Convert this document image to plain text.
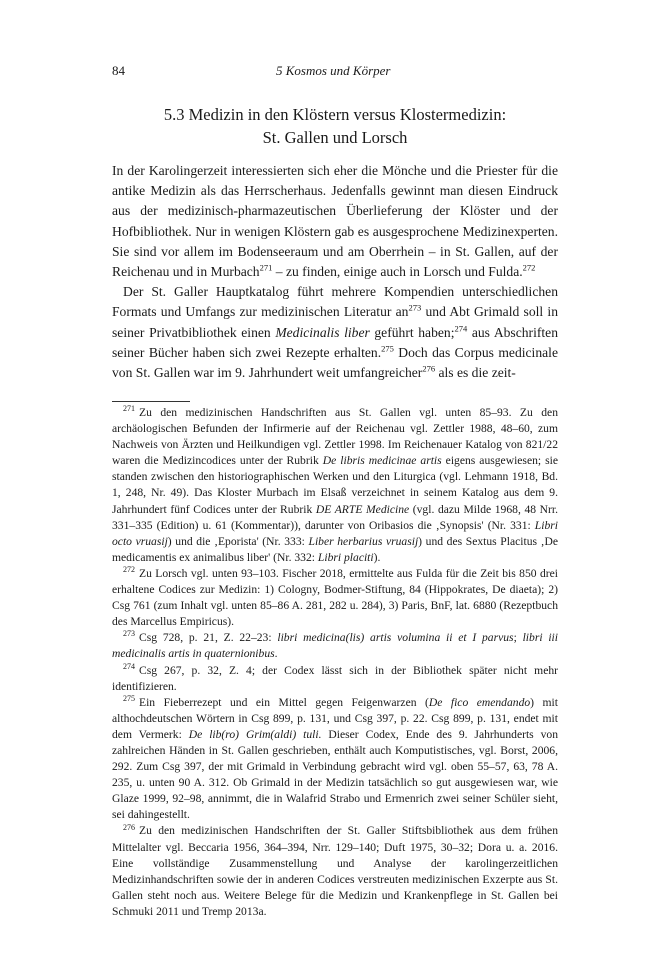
84	5 Kosmos und Körper
5.3 Medizin in den Klöstern versus Klostermedizin:
St. Gallen und Lorsch

In der Karolingerzeit interessierten sich eher die Mönche und die Priester für die antike Medizin als das Herrscherhaus. Jedenfalls gewinnt man diesen Eindruck aus der medizinisch-pharmazeutischen Überlieferung der Klöster und der Hofbibliothek. Nur in wenigen Klöstern gab es ausgesprochene Medizinexperten. Sie sind vor allem im Bodenseeraum und am Oberrhein – in St. Gallen, auf der Reichenau und in Murbach$^{271}$ – zu finden, einige auch in Lorsch und Fulda.$^{272}$

Der St. Galler Hauptkatalog führt mehrere Kompendien unterschiedlichen Formats und Umfangs zur medizinischen Literatur an$^{273}$ und Abt Grimald soll in seiner Privatbibliothek einen Medicinalis liber geführt haben;$^{274}$ aus Abschriften seiner Bücher haben sich zwei Rezepte erhalten.$^{275}$ Doch das Corpus medicinale von St. Gallen war im 9. Jahrhundert weit umfangreicher$^{276}$ als es die zeit-

$^{271}$ Zu den medizinischen Handschriften aus St. Gallen vgl. unten 85–93. Zu den archäologischen Befunden der Infirmerie auf der Reichenau vgl. Zettler 1988, 48–60, zum Nachweis von Ärzten und Heilkundigen vgl. Zettler 1998. Im Reichenauer Katalog von 821/22 waren die Medizincodices unter der Rubrik De libris medicinae artis eigens ausgewiesen; sie standen zwischen den historiographischen Werken und den Liturgica (vgl. Lehmann 1918, Bd. 1, 248, Nr. 49). Das Kloster Murbach im Elsaß verzeichnet in seinem Katalog aus dem 9. Jahrhundert fünf Codices unter der Rubrik DE ARTE Medicine (vgl. dazu Milde 1968, 48 Nrr. 331–335 (Edition) u. 61 (Kommentar)), darunter von Oribasios die ‚Synopsis' (Nr. 331: Libri octo vruasij) und die ‚Eporista' (Nr. 333: Liber herbarius vruasij) und des Sextus Placitus ‚De medicamentis ex animalibus liber' (Nr. 332: Libri placiti).

$^{272}$ Zu Lorsch vgl. unten 93–103. Fischer 2018, ermittelte aus Fulda für die Zeit bis 850 drei erhaltene Codices zur Medizin: 1) Cologny, Bodmer-Stiftung, 84 (Hippokrates, De diaeta); 2) Csg 761 (zum Inhalt vgl. unten 85–86 A. 281, 282 u. 284), 3) Paris, BnF, lat. 6880 (Rezeptbuch des Marcellus Empiricus).

$^{273}$ Csg 728, p. 21, Z. 22–23: libri medicina(lis) artis volumina ii et I parvus; libri iii medicinalis artis in quaternionibus.

$^{274}$ Csg 267, p. 32, Z. 4; der Codex lässt sich in der Bibliothek später nicht mehr identifizieren.

$^{275}$ Ein Fieberrezept und ein Mittel gegen Feigenwarzen (De fico emendando) mit althochdeutschen Wörtern in Csg 899, p. 131, und Csg 397, p. 22. Csg 899, p. 131, endet mit dem Vermerk: De lib(ro) Grim(aldi) tuli. Dieser Codex, Ende des 9. Jahrhunderts von zahlreichen Händen in St. Gallen geschrieben, enthält auch Komputistisches, vgl. Borst, 2006, 292. Zum Csg 397, der mit Grimald in Verbindung gebracht wird vgl. oben 55–57, 63, 78 A. 235, u. unten 90 A. 312. Ob Grimald in der Medizin tatsächlich so gut ausgewiesen war, wie Glaze 1999, 92–98, annimmt, die in Walafrid Strabo und Ermenrich zwei seiner Schüler sieht, sei dahingestellt.

$^{276}$ Zu den medizinischen Handschriften der St. Galler Stiftsbibliothek aus dem frühen Mittelalter vgl. Beccaria 1956, 364–394, Nrr. 129–140; Duft 1975, 30–32; Dora u. a. 2016. Eine vollständige Zusammenstellung und Analyse der karolingerzeitlichen Medizinhandschriften sowie der in anderen Codices verstreuten medizinischen Exzerpte aus St. Gallen steht noch aus. Weitere Belege für die Medizin und Krankenpflege in St. Gallen bei Schmuki 2011 und Tremp 2013a.
